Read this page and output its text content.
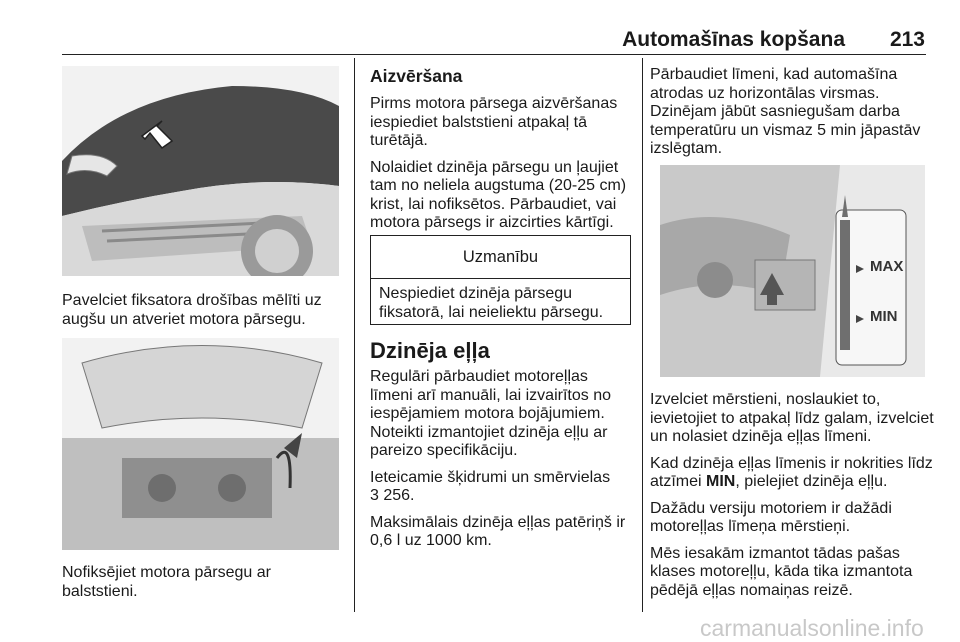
Automašīnas kopšana	213

Pavelciet fiksatora drošības mēlīti uz augšu un atveriet motora pārsegu.

Nofiksējiet motora pārsegu ar balststieni.

Aizvēršana

Pirms motora pārsega aizvēršanas iespiediet balststieni atpakaļ tā turētājā.

Nolaidiet dzinēja pārsegu un ļaujiet tam no neliela augstuma (20-25 cm) krist, lai nofiksētos. Pārbaudiet, vai motora pārsegs ir aizcirties kārtīgi.

Uzmanību
Nespiediet dzinēja pārsegu fiksatorā, lai neieliektu pārsegu.
Dzinēja eļļa

Regulāri pārbaudiet motoreļļas līmeni arī manuāli, lai izvairītos no iespējamiem motora bojājumiem. Noteikti izmantojiet dzinēja eļļu ar pareizo specifikāciju.

Ieteicamie šķidrumi un smērvielas
3 256.

Maksimālais dzinēja eļļas patēriņš ir 0,6 l uz 1000 km.

Pārbaudiet līmeni, kad automašīna atrodas uz horizontālas virsmas. Dzinējam jābūt sasniegušam darba temperatūru un vismaz 5 min jāpastāv izslēgtam.

MAX
MIN

Izvelciet mērstieni, noslaukiet to, ievietojiet to atpakaļ līdz galam, izvelciet un nolasiet dzinēja eļļas līmeni.

Kad dzinēja eļļas līmenis ir nokrities līdz atzīmei MIN, pielejiet dzinēja eļļu.

Dažādu versiju motoriem ir dažādi motoreļļas līmeņa mērstieņi.

Mēs iesakām izmantot tādas pašas klases motoreļļu, kāda tika izmantota pēdējā eļļas nomaiņas reizē.

carmanualsonline.info
